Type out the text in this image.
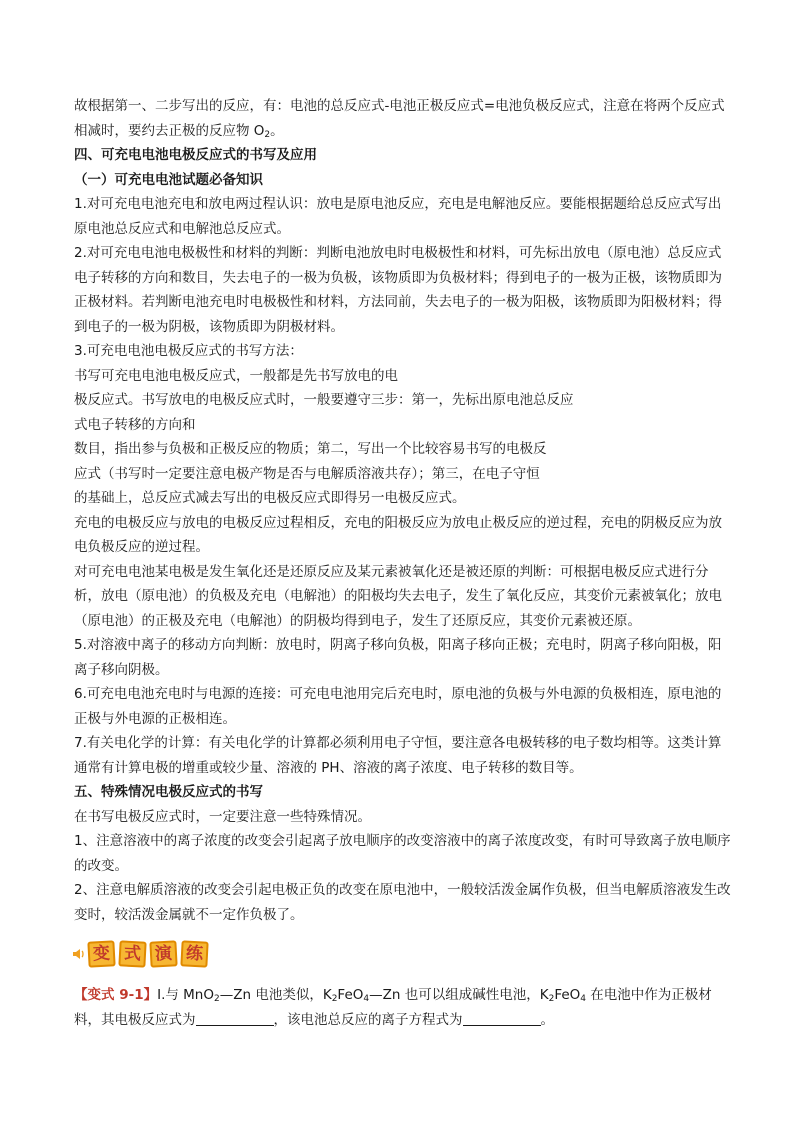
故根据第一、二步写出的反应，有：电池的总反应式-电池正极反应式=电池负极反应式，注意在将两个反应式相减时，要约去正极的反应物 $O_2$。

四、可充电电池电极反应式的书写及应用

（一）可充电电池试题必备知识

1.对可充电电池充电和放电两过程认识：放电是原电池反应，充电是电解池反应。要能根据题给总反应式写出原电池总反应式和电解池总反应式。

2.对可充电电池电极极性和材料的判断：判断电池放电时电极极性和材料，可先标出放电（原电池）总反应式电子转移的方向和数目，失去电子的一极为负极，该物质即为负极材料；得到电子的一极为正极，该物质即为正极材料。若判断电池充电时电极极性和材料，方法同前，失去电子的一极为阳极，该物质即为阳极材料；得到电子的一极为阴极，该物质即为阴极材料。

3.可充电电池电极反应式的书写方法：

书写可充电电池电极反应式，一般都是先书写放电的电

极反应式。书写放电的电极反应式时，一般要遵守三步：第一，先标出原电池总反应式电子转移的方向和

数目，指出参与负极和正极反应的物质；第二，写出一个比较容易书写的电极反

应式（书写时一定要注意电极产物是否与电解质溶液共存）；第三，在电子守恒

的基础上，总反应式减去写出的电极反应式即得另一电极反应式。

充电的电极反应与放电的电极反应过程相反，充电的阳极反应为放电止极反应的逆过程，充电的阴极反应为放电负极反应的逆过程。

对可充电电池某电极是发生氧化还是还原反应及某元素被氧化还是被还原的判断：可根据电极反应式进行分析，放电（原电池）的负极及充电（电解池）的阳极均失去电子，发生了氧化反应，其变价元素被氧化；放电（原电池）的正极及充电（电解池）的阴极均得到电子，发生了还原反应，其变价元素被还原。

5.对溶液中离子的移动方向判断：放电时，阴离子移向负极，阳离子移向正极；充电时，阴离子移向阳极，阳离子移向阴极。

6.可充电电池充电时与电源的连接：可充电电池用完后充电时，原电池的负极与外电源的负极相连，原电池的正极与外电源的正极相连。

7.有关电化学的计算：有关电化学的计算都必须利用电子守恒，要注意各电极转移的电子数均相等。这类计算通常有计算电极的增重或较少量、溶液的 PH、溶液的离子浓度、电子转移的数目等。

五、特殊情况电极反应式的书写

在书写电极反应式时，一定要注意一些特殊情况。

1、注意溶液中的离子浓度的改变会引起离子放电顺序的改变溶液中的离子浓度改变，有时可导致离子放电顺序的改变。

2、注意电解质溶液的改变会引起电极正负的改变在原电池中，一般较活泼金属作负极，但当电解质溶液发生改变时，较活泼金属就不一定作负极了。

变 式 演 练

【变式 9-1】Ⅰ.与 MnO$_2$—Zn 电池类似，$K_2FeO_4—Zn$ 也可以组成碱性电池，$K_2FeO_4$ 在电池中作为正极材料，其电极反应式为	，该电池总反应的离子方程式为	。
